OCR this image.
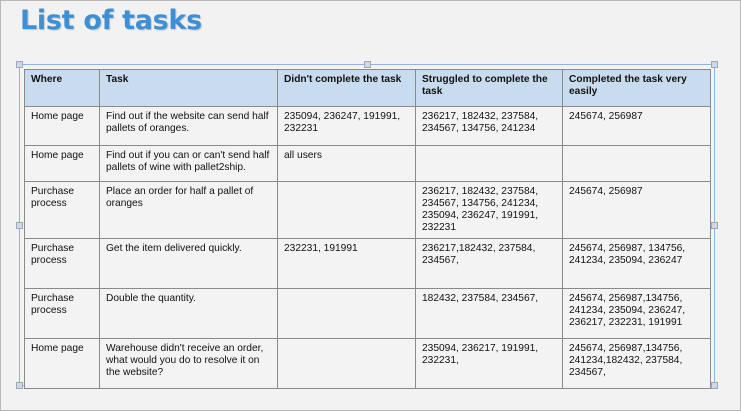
List of tasks
Where	Task	Didn't complete the task	Struggled to complete the task	Completed the task very easily
Home page	Find out if the website can send half pallets of oranges.	235094, 236247, 191991, 232231	236217, 182432, 237584, 234567, 134756, 241234	245674, 256987
Home page	Find out if you can or can't send half pallets of wine with pallet2ship.	all users		
Purchase process	Place an order for half a pallet of oranges		236217, 182432, 237584, 234567, 134756, 241234, 235094, 236247, 191991, 232231	245674, 256987
Purchase process	Get the item delivered quickly.	232231, 191991	236217,182432, 237584, 234567,	245674, 256987, 134756, 241234, 235094, 236247
Purchase process	Double the quantity.		182432, 237584, 234567,	245674, 256987,134756, 241234, 235094, 236247, 236217, 232231, 191991
Home page	Warehouse didn't receive an order, what would you do to resolve it on the website?		235094, 236217, 191991, 232231,	245674, 256987,134756, 241234,182432, 237584, 234567,
